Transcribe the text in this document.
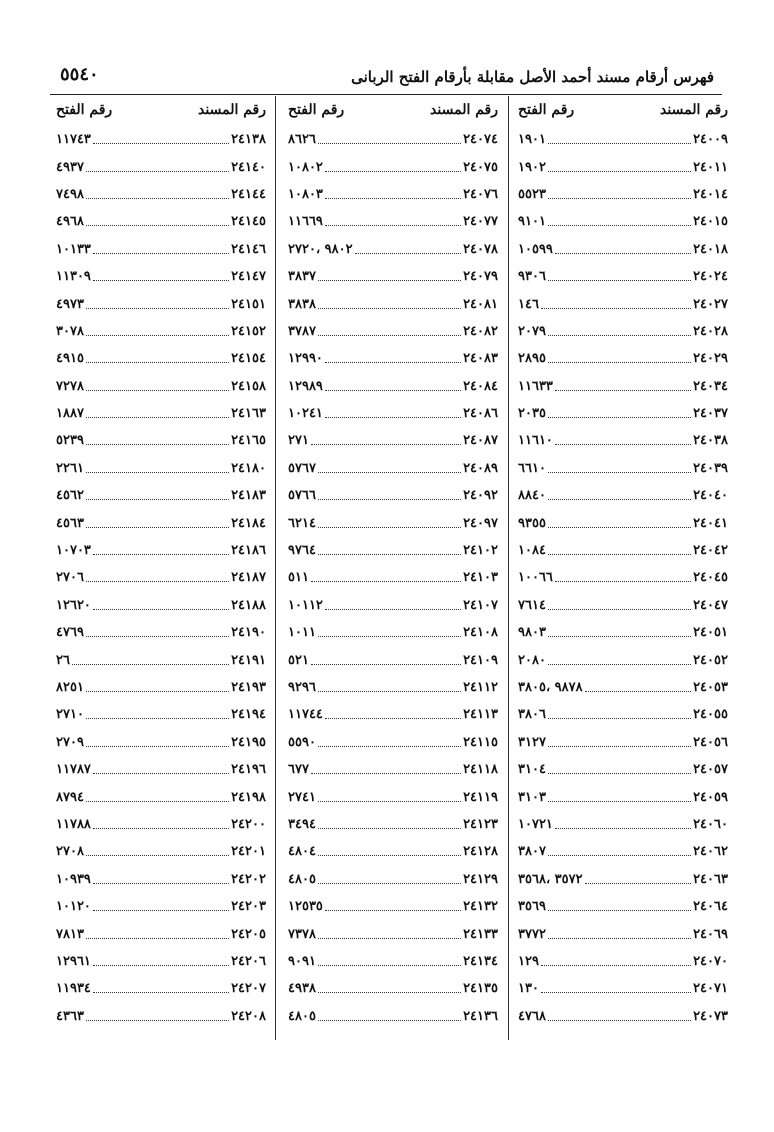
فهرس أرقام مسند أحمد الأصل مقابلة بأرقام الفتح الربانى
٥٥٤٠
رقم المسند
رقم الفتح
٢٤٠٠٩
١٩٠١
٢٤٠١١
١٩٠٢
٢٤٠١٤
٥٥٢٣
٢٤٠١٥
٩١٠١
٢٤٠١٨
١٠٥٩٩
٢٤٠٢٤
٩٣٠٦
٢٤٠٢٧
١٤٦
٢٤٠٢٨
٢٠٧٩
٢٤٠٢٩
٢٨٩٥
٢٤٠٣٤
١١٦٣٣
٢٤٠٣٧
٢٠٣٥
٢٤٠٣٨
١١٦١٠
٢٤٠٣٩
٦٦١٠
٢٤٠٤٠
٨٨٤٠
٢٤٠٤١
٩٣٥٥
٢٤٠٤٢
١٠٨٤
٢٤٠٤٥
١٠٠٦٦
٢٤٠٤٧
٧٦١٤
٢٤٠٥١
٩٨٠٣
٢٤٠٥٢
٢٠٨٠
٢٤٠٥٣
٩٨٧٨ ،٣٨٠٥
٢٤٠٥٥
٣٨٠٦
٢٤٠٥٦
٣١٢٧
٢٤٠٥٧
٣١٠٤
٢٤٠٥٩
٣١٠٣
٢٤٠٦٠
١٠٧٢١
٢٤٠٦٢
٣٨٠٧
٢٤٠٦٣
٣٥٧٢ ،٣٥٦٨
٢٤٠٦٤
٣٥٦٩
٢٤٠٦٩
٣٧٧٢
٢٤٠٧٠
١٢٩
٢٤٠٧١
١٣٠
٢٤٠٧٣
٤٧٦٨
رقم المسند
رقم الفتح
٢٤٠٧٤
٨٦٢٦
٢٤٠٧٥
١٠٨٠٢
٢٤٠٧٦
١٠٨٠٣
٢٤٠٧٧
١١٦٦٩
٢٤٠٧٨
٩٨٠٢ ،٢٧٢٠
٢٤٠٧٩
٣٨٣٧
٢٤٠٨١
٣٨٣٨
٢٤٠٨٢
٣٧٨٧
٢٤٠٨٣
١٢٩٩٠
٢٤٠٨٤
١٢٩٨٩
٢٤٠٨٦
١٠٢٤١
٢٤٠٨٧
٢٧١
٢٤٠٨٩
٥٧٦٧
٢٤٠٩٢
٥٧٦٦
٢٤٠٩٧
٦٢١٤
٢٤١٠٢
٩٧٦٤
٢٤١٠٣
٥١١
٢٤١٠٧
١٠١١٢
٢٤١٠٨
١٠١١
٢٤١٠٩
٥٢١
٢٤١١٢
٩٢٩٦
٢٤١١٣
١١٧٤٤
٢٤١١٥
٥٥٩٠
٢٤١١٨
٦٧٧
٢٤١١٩
٢٧٤١
٢٤١٢٣
٣٤٩٤
٢٤١٢٨
٤٨٠٤
٢٤١٢٩
٤٨٠٥
٢٤١٣٢
١٢٥٣٥
٢٤١٣٣
٧٣٧٨
٢٤١٣٤
٩٠٩١
٢٤١٣٥
٤٩٣٨
٢٤١٣٦
٤٨٠٥
رقم المسند
رقم الفتح
٢٤١٣٨
١١٧٤٣
٢٤١٤٠
٤٩٣٧
٢٤١٤٤
٧٤٩٨
٢٤١٤٥
٤٩٦٨
٢٤١٤٦
١٠١٣٣
٢٤١٤٧
١١٣٠٩
٢٤١٥١
٤٩٧٣
٢٤١٥٢
٣٠٧٨
٢٤١٥٤
٤٩١٥
٢٤١٥٨
٧٢٧٨
٢٤١٦٣
١٨٨٧
٢٤١٦٥
٥٢٣٩
٢٤١٨٠
٢٢٦١
٢٤١٨٣
٤٥٦٢
٢٤١٨٤
٤٥٦٣
٢٤١٨٦
١٠٧٠٣
٢٤١٨٧
٢٧٠٦
٢٤١٨٨
١٢٦٢٠
٢٤١٩٠
٤٧٦٩
٢٤١٩١
٢٦
٢٤١٩٣
٨٢٥١
٢٤١٩٤
٢٧١٠
٢٤١٩٥
٢٧٠٩
٢٤١٩٦
١١٧٨٧
٢٤١٩٨
٨٧٩٤
٢٤٢٠٠
١١٧٨٨
٢٤٢٠١
٢٧٠٨
٢٤٢٠٢
١٠٩٣٩
٢٤٢٠٣
١٠١٢٠
٢٤٢٠٥
٧٨١٣
٢٤٢٠٦
١٢٩٦١
٢٤٢٠٧
١١٩٣٤
٢٤٢٠٨
٤٣٦٣
